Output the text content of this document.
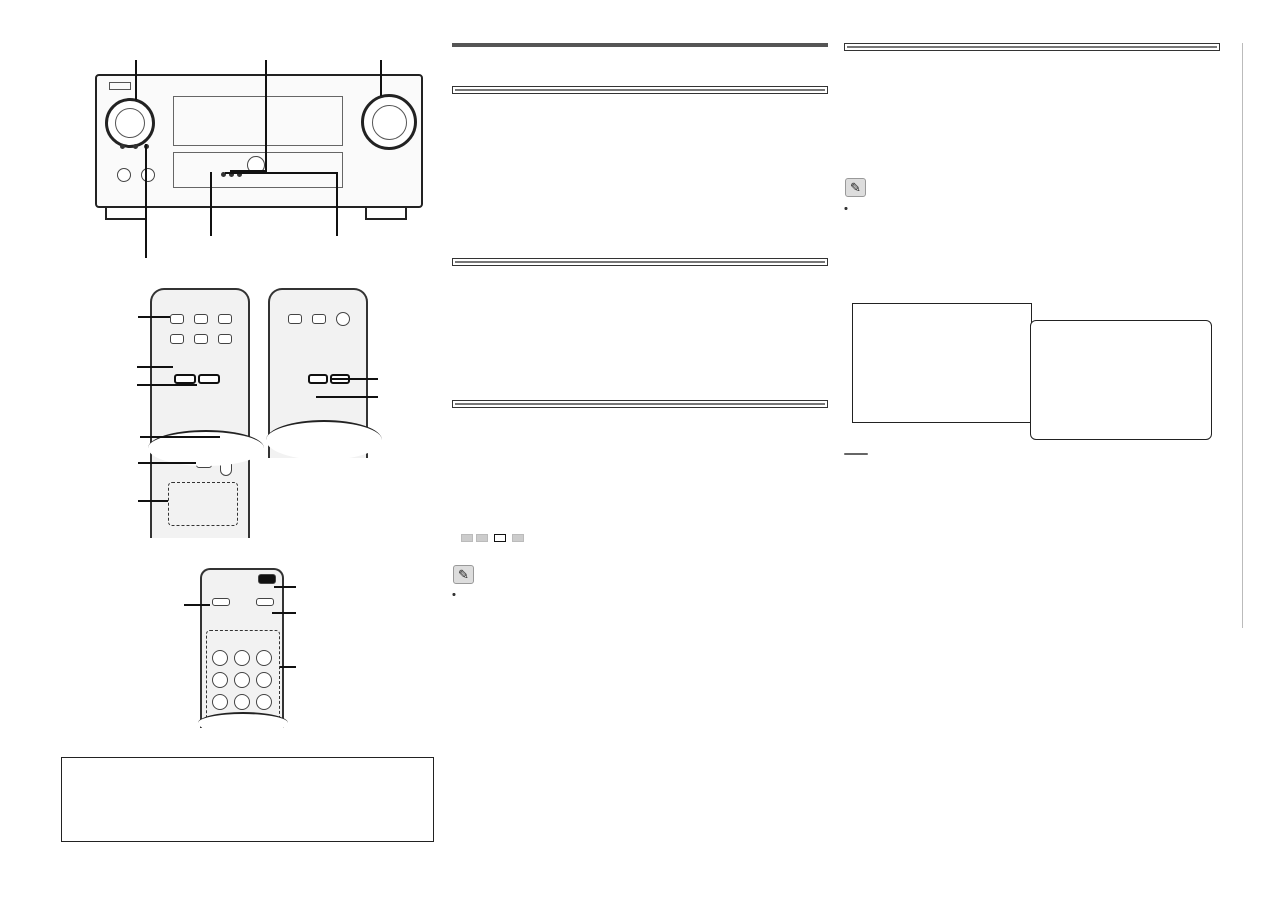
✎

✎
